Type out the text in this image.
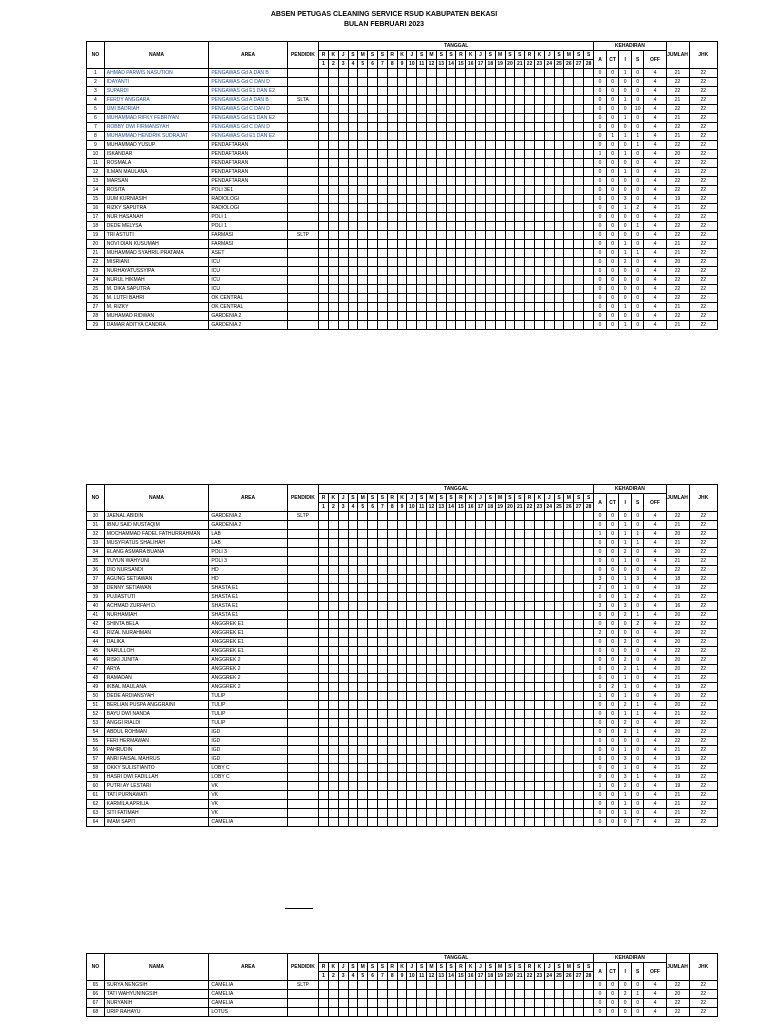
ABSEN PETUGAS CLEANING SERVICE RSUD KABUPATEN BEKASI
BULAN FEBRUARI 2023
NO	NAMA	AREA	PENDIDIK	TANGGAL																												KEHADIRAN					JUMLAH	JHK
				R	K	J	S	M	S	S	R	K	J	S	M	S	S	R	K	J	S	M	S	S	R	K	J	S	M	S	S	A	CT	I	S	OFF		
				1	2	3	4	5	6	7	8	9	10	11	12	13	14	15	16	17	18	19	20	21	22	23	24	25	26	27	28							
1	AHMAD PARWIS NASUTION	PENGAWAS Gd A DAN B																														0	0	1	0	4	21	22
2	IDAYANTI	PENGAWAS Gd C DAN D																														0	0	0	0	4	22	22
3	SUPARDI	PENGAWAS Gd E1 DAN E2																														0	0	0	0	4	22	22
4	FERDY ANGGARA	PENGAWAS Gd A DAN B	SLTA																													0	0	1	0	4	21	22
5	UMI BADRIAH	PENGAWAS Gd C DAN D																														0	0	0	10	4	22	22
6	MUHAMMAD RIFKY FEBRIYAN	PENGAWAS Gd E1 DAN E2																														0	0	1	0	4	21	22
7	ROBBY DWI FIRMANSYAH	PENGAWAS Gd C DAN D																														0	0	0	0	4	22	22
8	MUHAMMAD HENDRIK SUDRAJAT	PENGAWAS Gd E1 DAN E2																														0	1	1	1	4	21	22
9	MUHAMMAD YUSUP	PENDAFTARAN																														0	0	0	1	4	22	22
10	ISKANDAR	PENDAFTARAN																														1	0	1	0	4	20	22
11	ROSMALA	PENDAFTARAN																														0	0	0	0	4	22	22
12	ILMAN MAULANA	PENDAFTARAN																														0	0	1	0	4	21	22
13	MARSAN	PENDAFTARAN																														0	0	0	0	4	22	22
14	ROSITA	POLI 3E1																														0	0	0	0	4	22	22
15	UUM KURNIASIH	RADIOLOGI																														0	0	3	0	4	19	22
16	RIZKY SAPUTRA	RADIOLOGI																														0	0	1	2	4	21	22
17	NUR HASANAH	POLI 1																														0	0	0	0	4	22	22
18	DEDE MELYSA	POLI 1																														0	0	0	1	4	22	22
19	TRI ASTUTI	FARMASI	SLTP																													0	0	0	0	4	22	22
20	NOVI DIAN KUSUMAH	FARMASI																														0	0	1	0	4	21	22
21	MUHAMMAD SYAHRIL PRATAMA	ASET																														0	0	1	1	4	21	22
22	MISRIANI	ICU																														0	0	2	0	4	20	22
23	NURHAYATUSSYIPA	ICU																														0	0	0	0	4	22	22
24	NURUL HIKMAH	ICU																														0	0	0	0	4	22	22
25	M. DIKA SAPUTRA	ICU																														0	0	0	0	4	22	22
26	M. LUTFI BAHRI	OK CENTRAL																														0	0	0	0	4	22	22
27	M. RIZKY	OK CENTRAL																														0	0	1	0	4	21	22
28	MUHAMAD RIDWAN	GARDENIA 2																														0	0	0	0	4	22	22
29	DAMAR ADITYA CANDRA	GARDENIA 2																														0	0	1	0	4	21	22
NO	NAMA	AREA	PENDIDIK	TANGGAL																												KEHADIRAN					JUMLAH	JHK
				R	K	J	S	M	S	S	R	K	J	S	M	S	S	R	K	J	S	M	S	S	R	K	J	S	M	S	S	A	CT	I	S	OFF		
				1	2	3	4	5	6	7	8	9	10	11	12	13	14	15	16	17	18	19	20	21	22	23	24	25	26	27	28							
30	JAENAL ABIDIN	GARDENIA 2	SLTP																													0	0	0	0	4	22	22
31	IBNU SAID MUSTAQIM	GARDENIA 2																														0	0	1	0	4	21	22
32	MOCHAMMAD FADEL FATHURRAHMAN	LAB																														1	0	1	1	4	20	22
33	MUSYFIATUS SHALIHAH	LAB																														0	0	1	1	4	21	22
34	ELANG ASMARA BUANA	POLI 3																														0	0	2	0	4	20	22
35	YUYUN WAHYUNI	POLI 3																														0	0	1	0	4	21	22
36	DIO NURSANDI	HD																														0	0	0	0	4	22	22
37	AGUNG SETIAWAN	HD																														3	0	1	3	4	18	22
38	DENNY SETIAWAN	SHASTA E1																														2	0	1	0	4	19	22
39	PUJIASTUTI	SHASTA E1																														0	0	1	2	4	21	22
40	ACHMAD ZURFAH D.	SHASTA E1																														3	0	3	0	4	16	22
41	NURHAMIAH	SHASTA E1																														0	0	2	1	4	20	22
42	SHINTA BELA	ANGGREK E1																														0	0	0	2	4	22	22
43	RIZAL NURAHMAN	ANGGREK E1																														2	0	0	0	4	20	22
44	DALIKA	ANGGREK E1																														0	0	2	0	4	20	22
45	NARULLOH	ANGGREK E1																														0	0	0	0	4	22	22
46	RISKI JUNITA	ANGGREK 2																														0	0	2	0	4	20	22
47	ARYA	ANGGREK 2																														0	0	2	1	4	20	22
48	RAMADAN	ANGGREK 2																														0	0	1	0	4	21	22
49	IKBAL MAULANA	ANGGREK 2																														0	2	1	0	4	19	22
50	DEDE ARDIANSYAH	TULIP																														1	0	1	0	4	20	22
51	BERLIAN PUSPA ANGGRAINI	TULIP																														0	0	2	1	4	20	22
52	BAYU DWI NANDA	TULIP																														0	0	1	1	4	21	22
53	ANGGI RIALDI	TULIP																														0	0	2	0	4	20	22
54	ABDUL ROHMAN	IGD																														0	0	2	1	4	20	22
55	FERI HERMAWAN	IGD																														0	0	0	0	4	22	22
56	PAHRUDIN	IGD																														0	0	1	0	4	21	22
57	ANRI FAISAL MAHRUS	IGD																														0	0	3	0	4	19	22
58	OKKY SULISTIANTO	LOBY C																														0	0	1	0	4	21	22
59	HASRI DWI FADILLAH	LOBY C																														0	0	3	1	4	19	22
60	PUTRI AY LESTARI	VK																														1	0	2	0	4	19	22
61	TATI PURNAWATI	VK																														0	0	1	0	4	21	22
62	KARMILA APRILIA	VK																														0	0	1	0	4	21	22
63	SITI FATIMAH	VK																														0	0	1	0	4	21	22
64	IMAM SAPI'I	CAMELIA																														0	0	0	7	4	22	22
NO	NAMA	AREA	PENDIDIK	TANGGAL																												KEHADIRAN					JUMLAH	JHK
				R	K	J	S	M	S	S	R	K	J	S	M	S	S	R	K	J	S	M	S	S	R	K	J	S	M	S	S	A	CT	I	S	OFF		
				1	2	3	4	5	6	7	8	9	10	11	12	13	14	15	16	17	18	19	20	21	22	23	24	25	26	27	28							
65	SURYA NENGSIH	CAMELIA	SLTP																													0	0	0	0	4	22	22
66	TATI WAHYUNINGSIH	CAMELIA																														0	0	2	1	4	20	22
67	NURYANIH	CAMELIA																														0	0	0	0	4	22	22
68	URIP RAHAYU	LOTUS																														0	0	0	0	4	22	22
